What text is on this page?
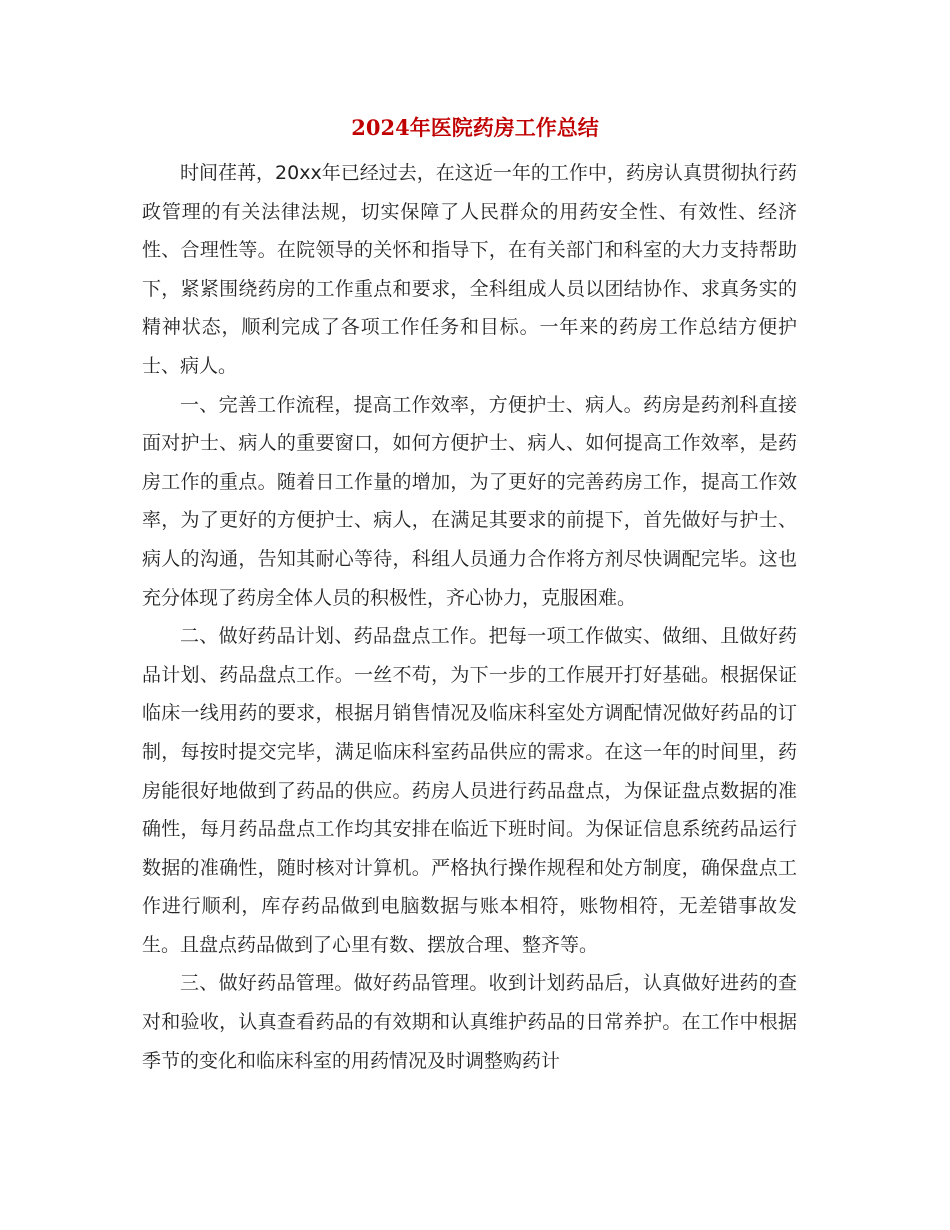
2024年医院药房工作总结

时间荏苒，20xx年已经过去，在这近一年的工作中，药房认真贯彻执行药政管理的有关法律法规，切实保障了人民群众的用药安全性、有效性、经济性、合理性等。在院领导的关怀和指导下，在有关部门和科室的大力支持帮助下，紧紧围绕药房的工作重点和要求，全科组成人员以团结协作、求真务实的精神状态，顺利完成了各项工作任务和目标。一年来的药房工作总结方便护士、病人。

一、完善工作流程，提高工作效率，方便护士、病人。药房是药剂科直接面对护士、病人的重要窗口，如何方便护士、病人、如何提高工作效率，是药房工作的重点。随着日工作量的增加，为了更好的完善药房工作，提高工作效率，为了更好的方便护士、病人，在满足其要求的前提下，首先做好与护士、病人的沟通，告知其耐心等待，科组人员通力合作将方剂尽快调配完毕。这也充分体现了药房全体人员的积极性，齐心协力，克服困难。

二、做好药品计划、药品盘点工作。把每一项工作做实、做细、且做好药品计划、药品盘点工作。一丝不苟，为下一步的工作展开打好基础。根据保证临床一线用药的要求，根据月销售情况及临床科室处方调配情况做好药品的订制，每按时提交完毕，满足临床科室药品供应的需求。在这一年的时间里，药房能很好地做到了药品的供应。药房人员进行药品盘点，为保证盘点数据的准确性，每月药品盘点工作均其安排在临近下班时间。为保证信息系统药品运行数据的准确性，随时核对计算机。严格执行操作规程和处方制度，确保盘点工作进行顺利，库存药品做到电脑数据与账本相符，账物相符，无差错事故发生。且盘点药品做到了心里有数、摆放合理、整齐等。

三、做好药品管理。做好药品管理。收到计划药品后，认真做好进药的查对和验收，认真查看药品的有效期和认真维护药品的日常养护。在工作中根据季节的变化和临床科室的用药情况及时调整购药计
